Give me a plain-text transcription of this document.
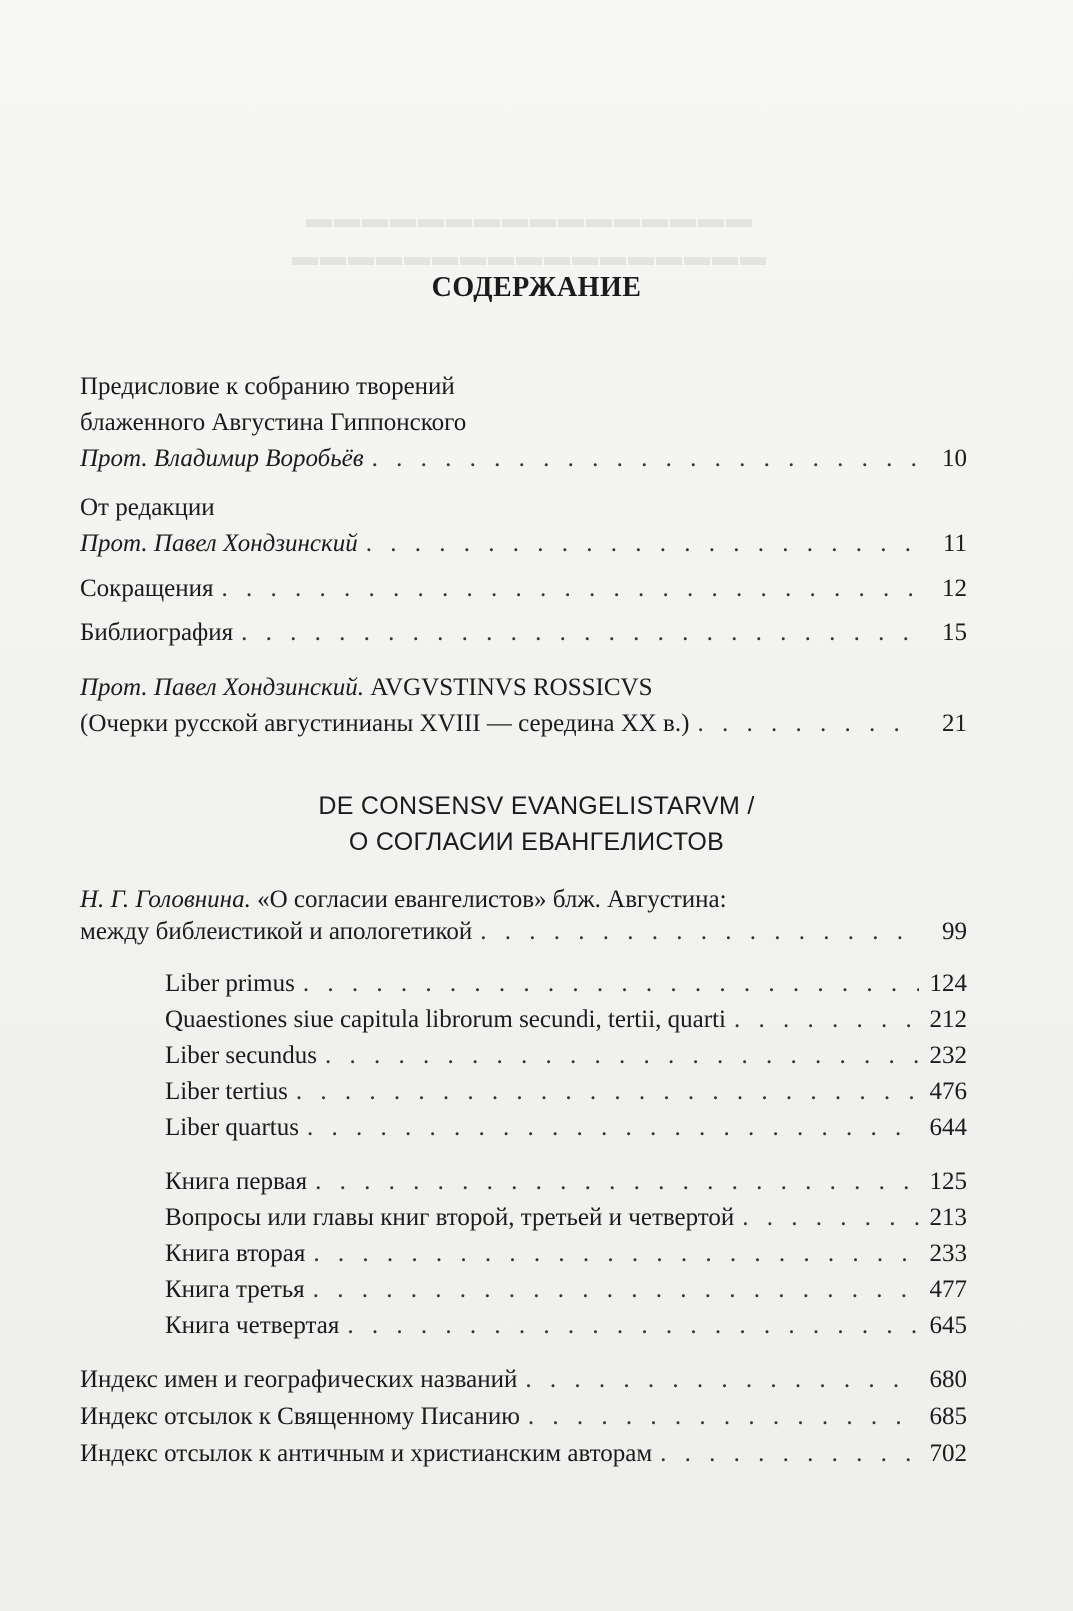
▬▬▬▬▬▬▬▬▬▬▬▬▬▬▬▬
▬▬▬▬▬▬▬▬▬▬▬▬▬▬▬▬▬
СОДЕРЖАНИЕ
Предисловие к собранию творений
блаженного Августина Гиппонского
Прот. Владимир Воробьёв . . .	10
От редакции
Прот. Павел Хондзинский . . .	11
Сокращения . . .	12
Библиография . . .	15
Прот. Павел Хондзинский. AVGVSTINVS ROSSICVS
(Очерки русской августинианы XVIII — середина XX в.) . . .	21
DE CONSENSV EVANGELISTARVM /
О СОГЛАСИИ ЕВАНГЕЛИСТОВ
Н. Г. Головнина. «О согласии евангелистов» блж. Августина:
между библеистикой и апологетикой . . .	99
Liber primus . . .	124
Quaestiones siue capitula librorum secundi, tertii, quarti . . .	212
Liber secundus . . .	232
Liber tertius . . .	476
Liber quartus . . .	644
Книга первая . . .	125
Вопросы или главы книг второй, третьей и четвертой . . .	213
Книга вторая . . .	233
Книга третья . . .	477
Книга четвертая . . .	645
Индекс имен и географических названий . . .	680
Индекс отсылок к Священному Писанию . . .	685
Индекс отсылок к античным и христианским авторам . . .	702
